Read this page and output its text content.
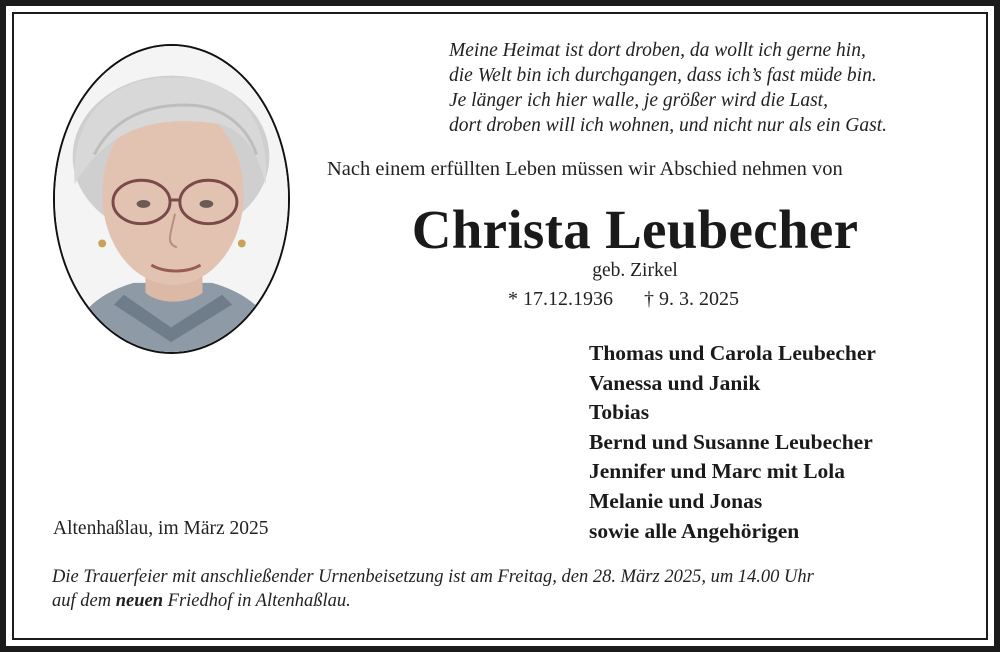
Meine Heimat ist dort droben, da wollt ich gerne hin,
die Welt bin ich durchgangen, dass ich’s fast müde bin.
Je länger ich hier walle, je größer wird die Last,
dort droben will ich wohnen, und nicht nur als ein Gast.
Nach einem erfüllten Leben müssen wir Abschied nehmen von
Christa Leubecher
geb. Zirkel
* 17.12.1936 † 9. 3. 2025
Thomas und Carola Leubecher
Vanessa und Janik
Tobias
Bernd und Susanne Leubecher
Jennifer und Marc mit Lola
Melanie und Jonas
sowie alle Angehörigen
Altenhaßlau, im März 2025
Die Trauerfeier mit anschließender Urnenbeisetzung ist am Freitag, den 28. März 2025, um 14.00 Uhr
auf dem neuen Friedhof in Altenhaßlau.
